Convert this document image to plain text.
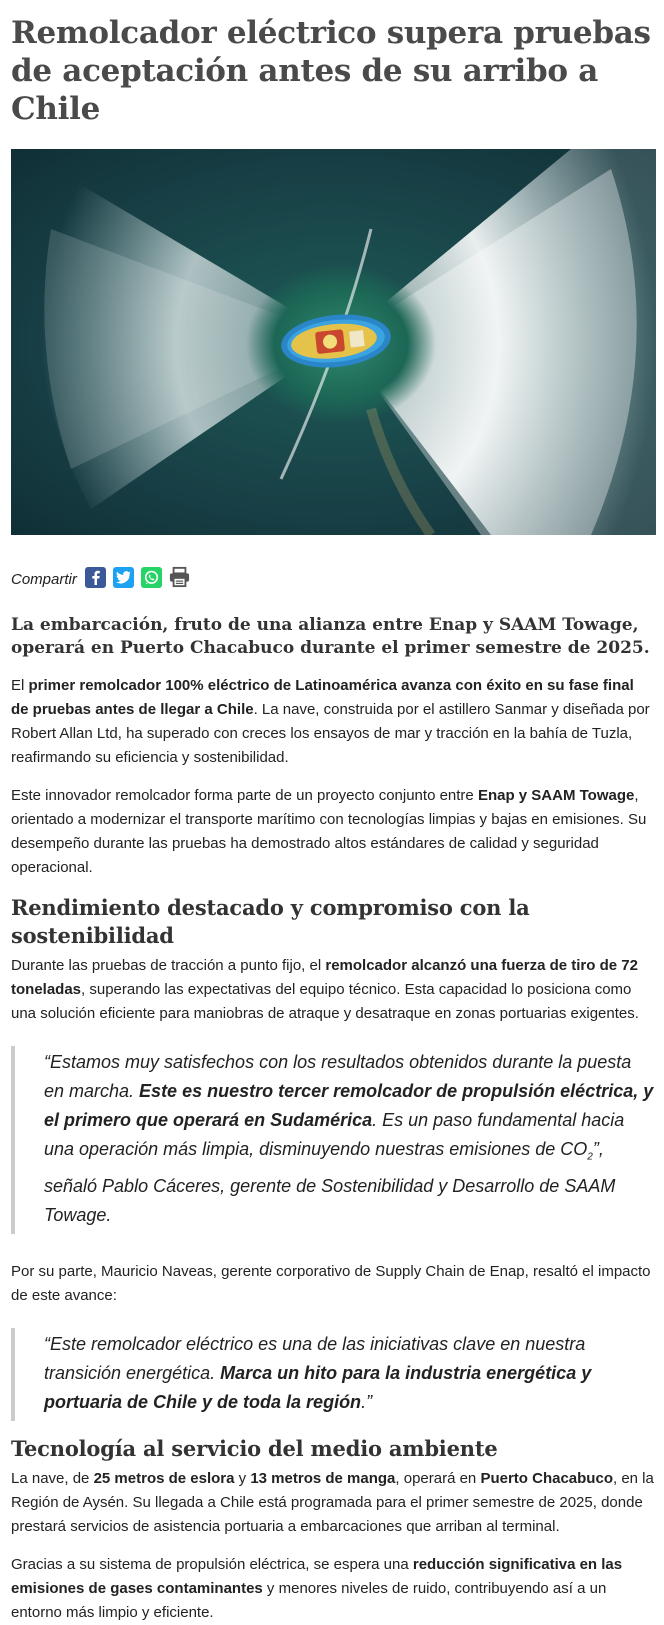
Remolcador eléctrico supera pruebas de aceptación antes de su arribo a Chile
Compartir
La embarcación, fruto de una alianza entre Enap y SAAM Towage, operará en Puerto Chacabuco durante el primer semestre de 2025.

El primer remolcador 100% eléctrico de Latinoamérica avanza con éxito en su fase final de pruebas antes de llegar a Chile. La nave, construida por el astillero Sanmar y diseñada por Robert Allan Ltd, ha superado con creces los ensayos de mar y tracción en la bahía de Tuzla, reafirmando su eficiencia y sostenibilidad.

Este innovador remolcador forma parte de un proyecto conjunto entre Enap y SAAM Towage, orientado a modernizar el transporte marítimo con tecnologías limpias y bajas en emisiones. Su desempeño durante las pruebas ha demostrado altos estándares de calidad y seguridad operacional.

Rendimiento destacado y compromiso con la sostenibilidad

Durante las pruebas de tracción a punto fijo, el remolcador alcanzó una fuerza de tiro de 72 toneladas, superando las expectativas del equipo técnico. Esta capacidad lo posiciona como una solución eficiente para maniobras de atraque y desatraque en zonas portuarias exigentes.

“Estamos muy satisfechos con los resultados obtenidos durante la puesta en marcha. Este es nuestro tercer remolcador de propulsión eléctrica, y el primero que operará en Sudamérica. Es un paso fundamental hacia una operación más limpia, disminuyendo nuestras emisiones de $CO_2$”, señaló Pablo Cáceres, gerente de Sostenibilidad y Desarrollo de SAAM Towage.

Por su parte, Mauricio Naveas, gerente corporativo de Supply Chain de Enap, resaltó el impacto de este avance:

“Este remolcador eléctrico es una de las iniciativas clave en nuestra transición energética. Marca un hito para la industria energética y portuaria de Chile y de toda la región.”
Tecnología al servicio del medio ambiente

La nave, de 25 metros de eslora y 13 metros de manga, operará en Puerto Chacabuco, en la Región de Aysén. Su llegada a Chile está programada para el primer semestre de 2025, donde prestará servicios de asistencia portuaria a embarcaciones que arriban al terminal.

Gracias a su sistema de propulsión eléctrica, se espera una reducción significativa en las emisiones de gases contaminantes y menores niveles de ruido, contribuyendo así a un entorno más limpio y eficiente.
